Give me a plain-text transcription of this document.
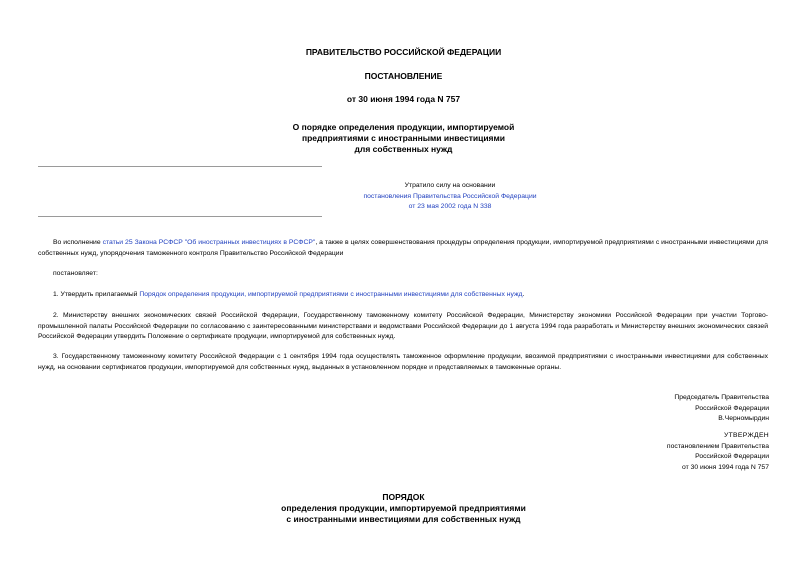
ПРАВИТЕЛЬСТВО РОССИЙСКОЙ ФЕДЕРАЦИИ
ПОСТАНОВЛЕНИЕ
от 30 июня 1994 года N 757
О порядке определения продукции, импортируемой
предприятиями с иностранными инвестициями
для собственных нужд
Утратило силу на основании
постановления Правительства Российской Федерации
от 23 мая 2002 года N 338
Во исполнение статьи 25 Закона РСФСР "Об иностранных инвестициях в РСФСР", а также в целях совершенствования процедуры определения продукции, импортируемой предприятиями с иностранными инвестициями для собственных нужд, упорядочения таможенного контроля Правительство Российской Федерации
постановляет:
1. Утвердить прилагаемый Порядок определения продукции, импортируемой предприятиями с иностранными инвестициями для собственных нужд.
2. Министерству внешних экономических связей Российской Федерации, Государственному таможенному комитету Российской Федерации, Министерству экономики Российской Федерации при участии Торгово-промышленной палаты Российской Федерации по согласованию с заинтересованными министерствами и ведомствами Российской Федерации до 1 августа 1994 года разработать и Министерству внешних экономических связей Российской Федерации утвердить Положение о сертификате продукции, импортируемой для собственных нужд.
3. Государственному таможенному комитету Российской Федерации с 1 сентября 1994 года осуществлять таможенное оформление продукции, ввозимой предприятиями с иностранными инвестициями для собственных нужд, на основании сертификатов продукции, импортируемой для собственных нужд, выданных в установленном порядке и представляемых в таможенные органы.
Председатель Правительства
Российской Федерации
В.Черномырдин
УТВЕРЖДЕН
постановлением Правительства
Российской Федерации
от 30 июня 1994 года N 757
ПОРЯДОК
определения продукции, импортируемой предприятиями
с иностранными инвестициями для собственных нужд
